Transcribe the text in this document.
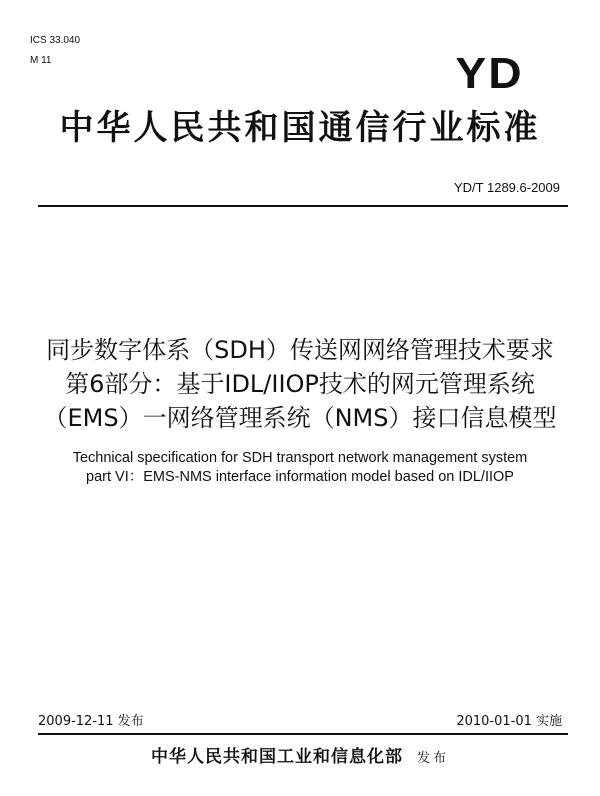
ICS 33.040
M 11	YD
中华人民共和国通信行业标准
YD/T 1289.6-2009
同步数字体系（SDH）传送网网络管理技术要求
第6部分：基于IDL/IIOP技术的网元管理系统
（EMS）一网络管理系统（NMS）接口信息模型
Technical specification for SDH transport network management system
part VI：EMS-NMS interface information model based on IDL/IIOP
2009-12-11 发布	2010-01-01 实施
中华人民共和国工业和信息化部 发布
